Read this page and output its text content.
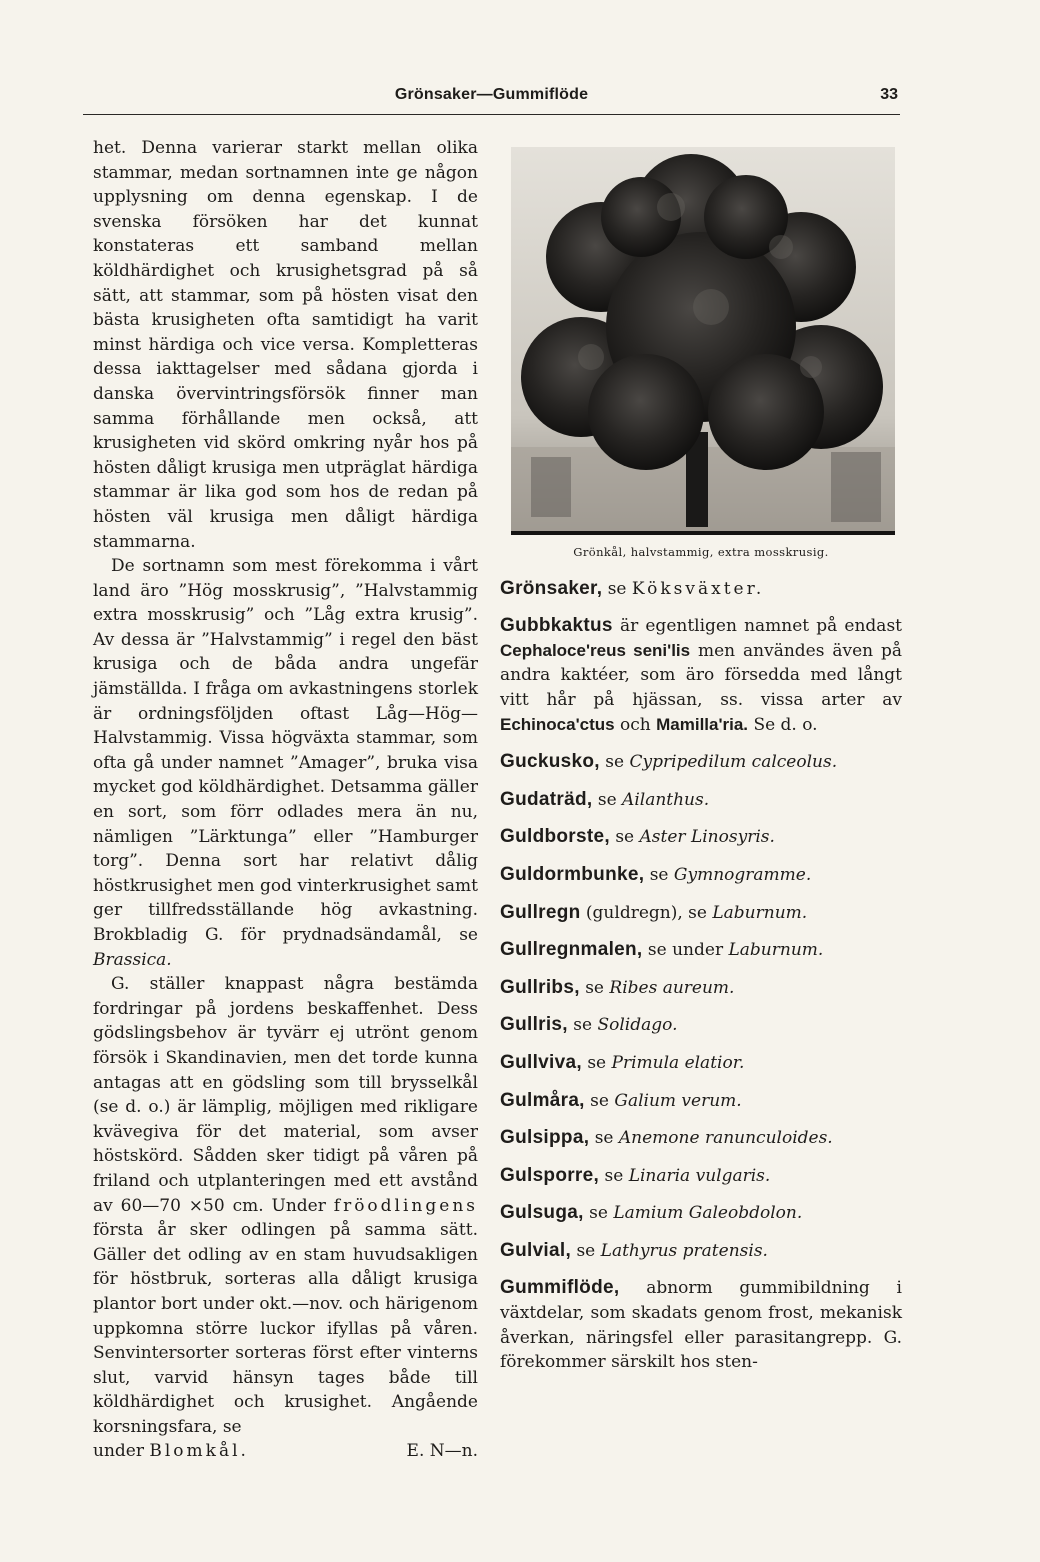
Grönsaker—Gummiflöde	33

het. Denna varierar starkt mellan olika stammar, medan sortnamnen inte ge någon upplysning om denna egenskap. I de svenska försöken har det kunnat konstateras ett samband mellan köldhärdighet och krusighetsgrad på så sätt, att stammar, som på hösten visat den bästa krusigheten ofta samtidigt ha varit minst härdiga och vice versa. Kompletteras dessa iakttagelser med sådana gjorda i danska övervintringsförsök finner man samma förhållande men också, att krusigheten vid skörd omkring nyår hos på hösten dåligt krusiga men utpräglat härdiga stammar är lika god som hos de redan på hösten väl krusiga men dåligt härdiga stammarna.

De sortnamn som mest förekomma i vårt land äro ”Hög mosskrusig”, ”Halvstammig extra mosskrusig” och ”Låg extra krusig”. Av dessa är ”Halvstammig” i regel den bäst krusiga och de båda andra ungefär jämställda. I fråga om avkastningens storlek är ordningsföljden oftast Låg—Hög—Halvstammig. Vissa högväxta stammar, som ofta gå under namnet ”Amager”, bruka visa mycket god köldhärdighet. Detsamma gäller en sort, som förr odlades mera än nu, nämligen ”Lärktunga” eller ”Hamburger torg”. Denna sort har relativt dålig höstkrusighet men god vinterkrusighet samt ger tillfredsställande hög avkastning. Brokbladig G. för prydnadsändamål, se Brassica.

G. ställer knappast några bestämda fordringar på jordens beskaffenhet. Dess gödslingsbehov är tyvärr ej utrönt genom försök i Skandinavien, men det torde kunna antagas att en gödsling som till brysselkål (se d. o.) är lämplig, möjligen med rikligare kvävegiva för det material, som avser höstskörd. Sådden sker tidigt på våren på friland och utplanteringen med ett avstånd av 60—70 ×50 cm. Under fröodlingens första år sker odlingen på samma sätt. Gäller det odling av en stam huvudsakligen för höstbruk, sorteras alla dåligt krusiga plantor bort under okt.—nov. och härigenom uppkomna större luckor ifyllas på våren. Senvintersorter sorteras först efter vinterns slut, varvid hänsyn tages både till köldhärdighet och krusighet. Angående korsningsfara, se

under Blomkål.	E. N—n.
Grönkål, halvstammig, extra mosskrusig.

Grönsaker, se Köksväxter.

Gubbkaktus är egentligen namnet på endast Cephaloce'reus seni'lis men användes även på andra kaktéer, som äro försedda med långt vitt hår på hjässan, ss. vissa arter av Echinoca'ctus och Mamilla'ria. Se d. o.

Guckusko, se Cypripedilum calceolus.

Gudaträd, se Ailanthus.

Guldborste, se Aster Linosyris.

Guldormbunke, se Gymnogramme.

Gullregn (guldregn), se Laburnum.

Gullregnmalen, se under Laburnum.

Gullribs, se Ribes aureum.

Gullris, se Solidago.

Gullviva, se Primula elatior.

Gulmåra, se Galium verum.

Gulsippa, se Anemone ranunculoides.

Gulsporre, se Linaria vulgaris.

Gulsuga, se Lamium Galeobdolon.

Gulvial, se Lathyrus pratensis.

Gummiflöde, abnorm gummibildning i växtdelar, som skadats genom frost, mekanisk åverkan, näringsfel eller parasitangrepp. G. förekommer särskilt hos sten-
